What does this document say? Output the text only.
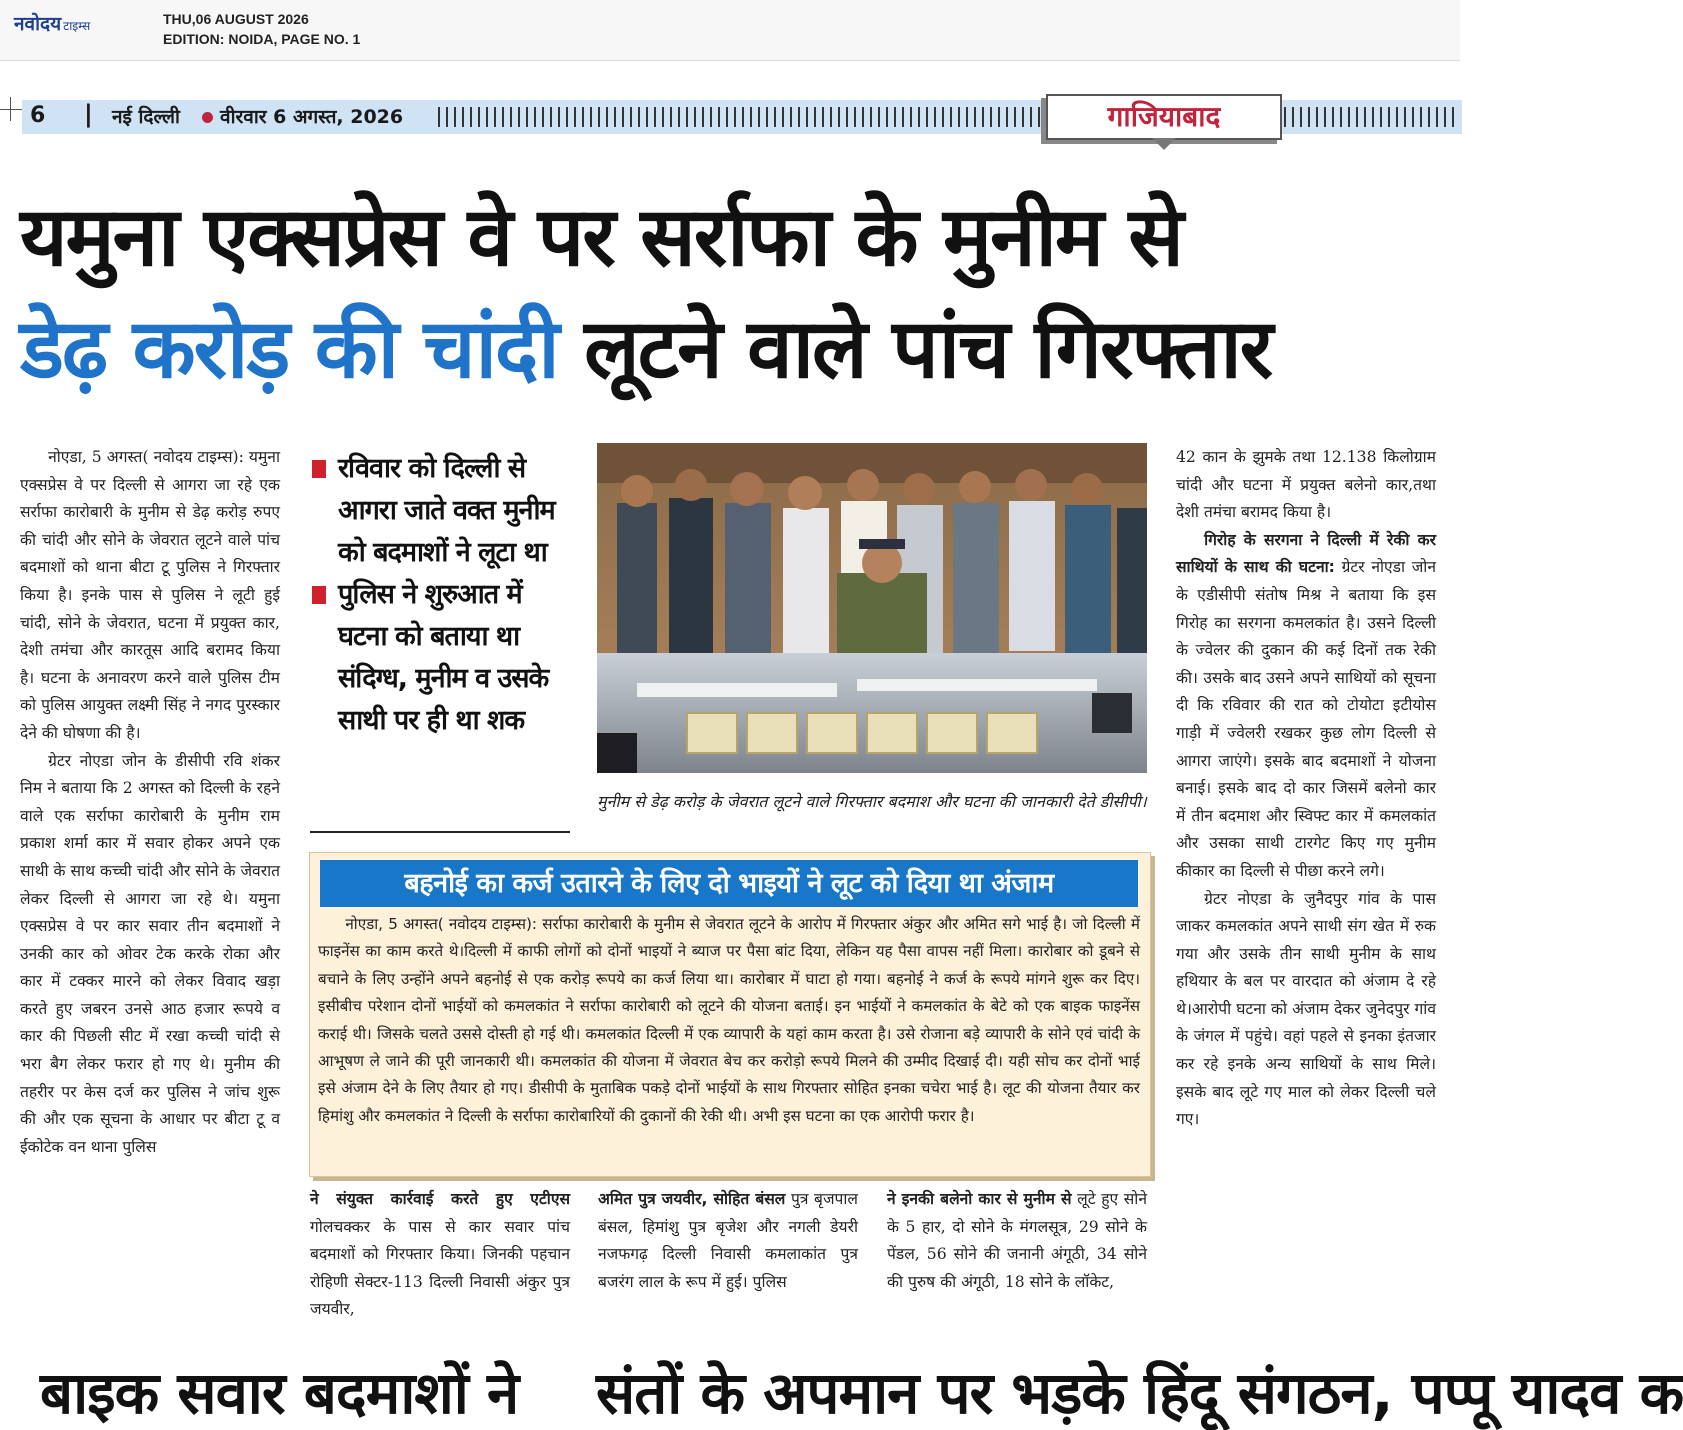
नवोदय टाइम्स	THU,06 AUGUST 2026
EDITION: NOIDA, PAGE NO. 1
6 | नई दिल्ली वीरवार 6 अगस्त, 2026	गाजियाबाद
यमुना एक्सप्रेस वे पर सर्राफा के मुनीम से
डेढ़ करोड़ की चांदी लूटने वाले पांच गिरफ्तार

नोएडा, 5 अगस्त( नवोदय टाइम्स): यमुना एक्सप्रेस वे पर दिल्ली से आगरा जा रहे एक सर्राफा कारोबारी के मुनीम से डेढ़ करोड़ रुपए की चांदी और सोने के जेवरात लूटने वाले पांच बदमाशों को थाना बीटा टू पुलिस ने गिरफ्तार किया है। इनके पास से पुलिस ने लूटी हुई चांदी, सोने के जेवरात, घटना में प्रयुक्त कार, देशी तमंचा और कारतूस आदि बरामद किया है। घटना के अनावरण करने वाले पुलिस टीम को पुलिस आयुक्त लक्ष्मी सिंह ने नगद पुरस्कार देने की घोषणा की है।

ग्रेटर नोएडा जोन के डीसीपी रवि शंकर निम ने बताया कि 2 अगस्त को दिल्ली के रहने वाले एक सर्राफा कारोबारी के मुनीम राम प्रकाश शर्मा कार में सवार होकर अपने एक साथी के साथ कच्ची चांदी और सोने के जेवरात लेकर दिल्ली से आगरा जा रहे थे। यमुना एक्सप्रेस वे पर कार सवार तीन बदमाशों ने उनकी कार को ओवर टेक करके रोका और कार में टक्कर मारने को लेकर विवाद खड़ा करते हुए जबरन उनसे आठ हजार रूपये व कार की पिछली सीट में रखा कच्ची चांदी से भरा बैग लेकर फरार हो गए थे। मुनीम की तहरीर पर केस दर्ज कर पुलिस ने जांच शुरू की और एक सूचना के आधार पर बीटा टू व ईकोटेक वन थाना पुलिस

रविवार को दिल्ली से आगरा जाते वक्त मुनीम को बदमाशों ने लूटा था
पुलिस ने शुरुआत में घटना को बताया था संदिग्ध, मुनीम व उसके साथी पर ही था शक
मुनीम से डेढ़ करोड़ के जेवरात लूटने वाले गिरफ्तार बदमाश और घटना की जानकारी देते डीसीपी।
बहनोई का कर्ज उतारने के लिए दो भाइयों ने लूट को दिया था अंजाम

नोएडा, 5 अगस्त( नवोदय टाइम्स): सर्राफा कारोबारी के मुनीम से जेवरात लूटने के आरोप में गिरफ्तार अंकुर और अमित सगे भाई है। जो दिल्ली में फाइनेंस का काम करते थे।दिल्ली में काफी लोगों को दोनों भाइयों ने ब्याज पर पैसा बांट दिया, लेकिन यह पैसा वापस नहीं मिला। कारोबार को डूबने से बचाने के लिए उन्होंने अपने बहनोई से एक करोड़ रूपये का कर्ज लिया था। कारोबार में घाटा हो गया। बहनोई ने कर्ज के रूपये मांगने शुरू कर दिए। इसीबीच परेशान दोनों भाईयों को कमलकांत ने सर्राफा कारोबारी को लूटने की योजना बताई। इन भाईयों ने कमलकांत के बेटे को एक बाइक फाइनेंस कराई थी। जिसके चलते उससे दोस्ती हो गई थी। कमलकांत दिल्ली में एक व्यापारी के यहां काम करता है। उसे रोजाना बड़े व्यापारी के सोने एवं चांदी के आभूषण ले जाने की पूरी जानकारी थी। कमलकांत की योजना में जेवरात बेच कर करोड़ो रूपये मिलने की उम्मीद दिखाई दी। यही सोच कर दोनों भाई इसे अंजाम देने के लिए तैयार हो गए। डीसीपी के मुताबिक पकड़े दोनों भाईयों के साथ गिरफ्तार सोहित इनका चचेरा भाई है। लूट की योजना तैयार कर हिमांशु और कमलकांत ने दिल्ली के सर्राफा कारोबारियों की दुकानों की रेकी थी। अभी इस घटना का एक आरोपी फरार है।

ने संयुक्त कार्रवाई करते हुए एटीएस गोलचक्कर के पास से कार सवार पांच बदमाशों को गिरफ्तार किया। जिनकी पहचान रोहिणी सेक्टर-113 दिल्ली निवासी अंकुर पुत्र जयवीर,

अमित पुत्र जयवीर, सोहित बंसल पुत्र बृजपाल बंसल, हिमांशु पुत्र बृजेश और नगली डेयरी नजफगढ़ दिल्ली निवासी कमलाकांत पुत्र बजरंग लाल के रूप में हुई। पुलिस

ने इनकी बलेनो कार से मुनीम से लूटे हुए सोने के 5 हार, दो सोने के मंगलसूत्र, 29 सोने के पेंडल, 56 सोने की जनानी अंगूठी, 34 सोने की पुरुष की अंगूठी, 18 सोने के लॉकेट,

42 कान के झुमके तथा 12.138 किलोग्राम चांदी और घटना में प्रयुक्त बलेनो कार,तथा देशी तमंचा बरामद किया है।

गिरोह के सरगना ने दिल्ली में रेकी कर साथियों के साथ की घटना: ग्रेटर नोएडा जोन के एडीसीपी संतोष मिश्र ने बताया कि इस गिरोह का सरगना कमलकांत है। उसने दिल्ली के ज्वेलर की दुकान की कई दिनों तक रेकी की। उसके बाद उसने अपने साथियों को सूचना दी कि रविवार की रात को टोयोटा इटीयोस गाड़ी में ज्वेलरी रखकर कुछ लोग दिल्ली से आगरा जाएंगे। इसके बाद बदमाशों ने योजना बनाई। इसके बाद दो कार जिसमें बलेनो कार में तीन बदमाश और स्विफ्ट कार में कमलकांत और उसका साथी टारगेट किए गए मुनीम कीकार का दिल्ली से पीछा करने लगे।

ग्रेटर नोएडा के जुनैदपुर गांव के पास जाकर कमलकांत अपने साथी संग खेत में रुक गया और उसके तीन साथी मुनीम के साथ हथियार के बल पर वारदात को अंजाम दे रहे थे।आरोपी घटना को अंजाम देकर जुनेदपुर गांव के जंगल में पहुंचे। वहां पहले से इनका इंतजार कर रहे इनके अन्य साथियों के साथ मिले। इसके बाद लूटे गए माल को लेकर दिल्ली चले गए।

बाइक सवार बदमाशों ने	संतों के अपमान पर भड़के हिंदू संगठन, पप्पू यादव क
